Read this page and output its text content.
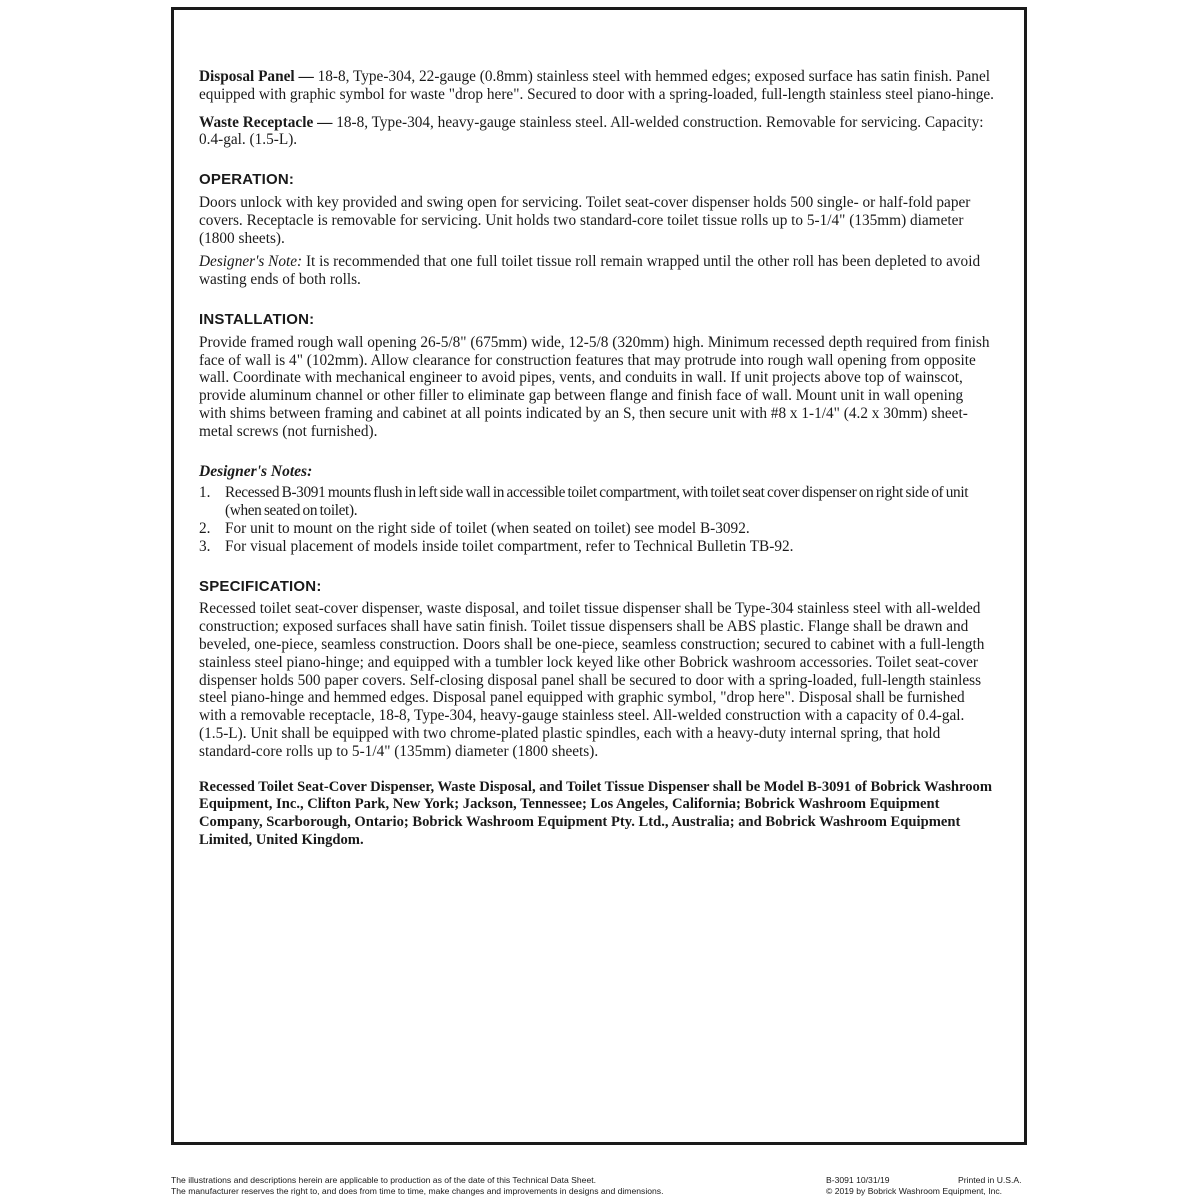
Disposal Panel — 18-8, Type-304, 22-gauge (0.8mm) stainless steel with hemmed edges; exposed surface has satin finish. Panel equipped with graphic symbol for waste "drop here". Secured to door with a spring-loaded, full-length stainless steel piano-hinge.

Waste Receptacle — 18-8, Type-304, heavy-gauge stainless steel. All-welded construction. Removable for servicing. Capacity: 0.4-gal. (1.5-L).

OPERATION:

Doors unlock with key provided and swing open for servicing. Toilet seat-cover dispenser holds 500 single- or half-fold paper covers. Receptacle is removable for servicing. Unit holds two standard-core toilet tissue rolls up to 5-1/4" (135mm) diameter (1800 sheets).

Designer's Note: It is recommended that one full toilet tissue roll remain wrapped until the other roll has been depleted to avoid wasting ends of both rolls.

INSTALLATION:

Provide framed rough wall opening 26-5/8" (675mm) wide, 12-5/8 (320mm) high. Minimum recessed depth required from finish face of wall is 4" (102mm). Allow clearance for construction features that may protrude into rough wall opening from opposite wall. Coordinate with mechanical engineer to avoid pipes, vents, and conduits in wall. If unit projects above top of wainscot, provide aluminum channel or other filler to eliminate gap between flange and finish face of wall. Mount unit in wall opening with shims between framing and cabinet at all points indicated by an S, then secure unit with #8 x 1-1/4" (4.2 x 30mm) sheet-metal screws (not furnished).

Designer's Notes:
1. Recessed B-3091 mounts flush in left side wall in accessible toilet compartment, with toilet seat cover dispenser on right side of unit (when seated on toilet).
2. For unit to mount on the right side of toilet (when seated on toilet) see model B-3092.
3. For visual placement of models inside toilet compartment, refer to Technical Bulletin TB-92.
SPECIFICATION:

Recessed toilet seat-cover dispenser, waste disposal, and toilet tissue dispenser shall be Type-304 stainless steel with all-welded construction; exposed surfaces shall have satin finish. Toilet tissue dispensers shall be ABS plastic. Flange shall be drawn and beveled, one-piece, seamless construction. Doors shall be one-piece, seamless construction; secured to cabinet with a full-length stainless steel piano-hinge; and equipped with a tumbler lock keyed like other Bobrick washroom accessories. Toilet seat-cover dispenser holds 500 paper covers. Self-closing disposal panel shall be secured to door with a spring-loaded, full-length stainless steel piano-hinge and hemmed edges. Disposal panel equipped with graphic symbol, "drop here". Disposal shall be furnished with a removable receptacle, 18-8, Type-304, heavy-gauge stainless steel. All-welded construction with a capacity of 0.4-gal. (1.5-L). Unit shall be equipped with two chrome-plated plastic spindles, each with a heavy-duty internal spring, that hold standard-core rolls up to 5-1/4" (135mm) diameter (1800 sheets).

Recessed Toilet Seat-Cover Dispenser, Waste Disposal, and Toilet Tissue Dispenser shall be Model B-3091 of Bobrick Washroom Equipment, Inc., Clifton Park, New York; Jackson, Tennessee; Los Angeles, California; Bobrick Washroom Equipment Company, Scarborough, Ontario; Bobrick Washroom Equipment Pty. Ltd., Australia; and Bobrick Washroom Equipment Limited, United Kingdom.

The illustrations and descriptions herein are applicable to production as of the date of this Technical Data Sheet.
The manufacturer reserves the right to, and does from time to time, make changes and improvements in designs and dimensions.
B-3091 10/31/19	Printed in U.S.A.
© 2019 by Bobrick Washroom Equipment, Inc.
